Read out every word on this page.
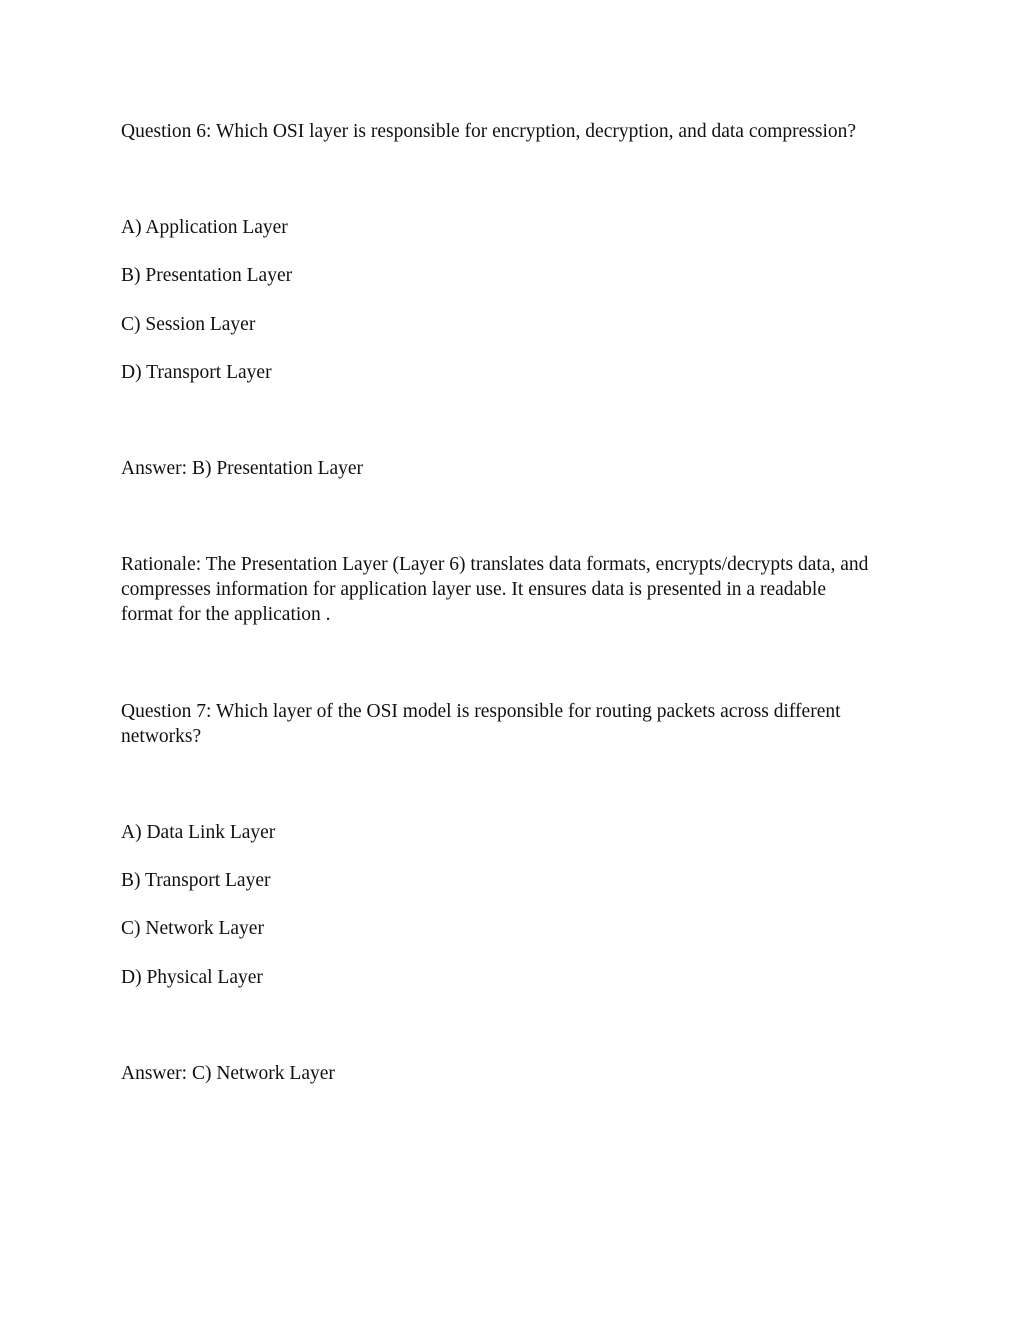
Question 6: Which OSI layer is responsible for encryption, decryption, and data compression?
A) Application Layer
B) Presentation Layer
C) Session Layer
D) Transport Layer
Answer: B) Presentation Layer
Rationale: The Presentation Layer (Layer 6) translates data formats, encrypts/decrypts data, and
compresses information for application layer use. It ensures data is presented in a readable
format for the application .
Question 7: Which layer of the OSI model is responsible for routing packets across different
networks?
A) Data Link Layer
B) Transport Layer
C) Network Layer
D) Physical Layer
Answer: C) Network Layer
